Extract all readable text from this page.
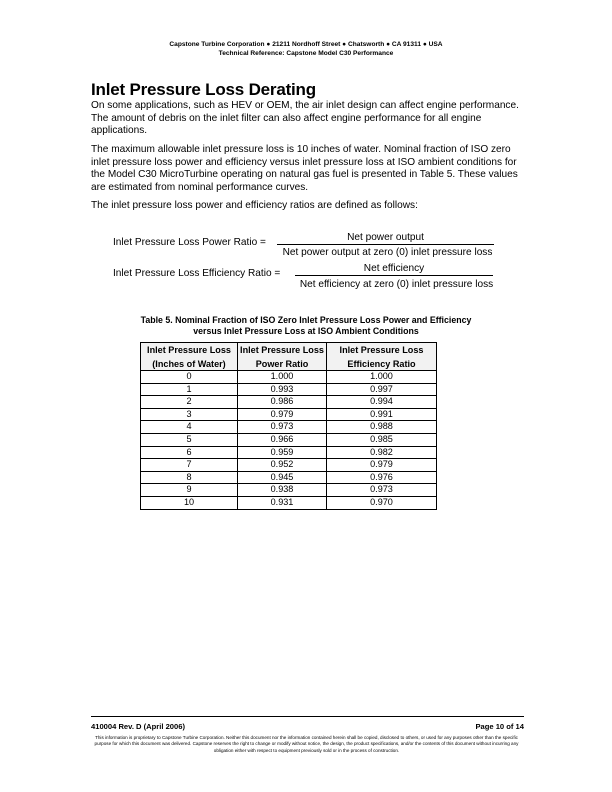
Capstone Turbine Corporation ● 21211 Nordhoff Street ● Chatsworth ● CA 91311 ● USA
Technical Reference: Capstone Model C30 Performance
Inlet Pressure Loss Derating

On some applications, such as HEV or OEM, the air inlet design can affect engine performance. The amount of debris on the inlet filter can also affect engine performance for all engine applications.

The maximum allowable inlet pressure loss is 10 inches of water. Nominal fraction of ISO zero inlet pressure loss power and efficiency versus inlet pressure loss at ISO ambient conditions for the Model C30 MicroTurbine operating on natural gas fuel is presented in Table 5. These values are estimated from nominal performance curves.

The inlet pressure loss power and efficiency ratios are defined as follows:

Inlet Pressure Loss Power Ratio =	Net power output
Net power output at zero (0) inlet pressure loss
Inlet Pressure Loss Efficiency Ratio =	Net efficiency
Net efficiency at zero (0) inlet pressure loss
Table 5. Nominal Fraction of ISO Zero Inlet Pressure Loss Power and Efficiency
versus Inlet Pressure Loss at ISO Ambient Conditions
Inlet Pressure Loss	Inlet Pressure Loss	Inlet Pressure Loss
(Inches of Water)	Power Ratio	Efficiency Ratio
0	1.000	1.000
1	0.993	0.997
2	0.986	0.994
3	0.979	0.991
4	0.973	0.988
5	0.966	0.985
6	0.959	0.982
7	0.952	0.979
8	0.945	0.976
9	0.938	0.973
10	0.931	0.970
410004 Rev. D (April 2006)	Page 10 of 14
This information is proprietary to Capstone Turbine Corporation. Neither this document nor the information contained herein shall be copied, disclosed to others, or used for any purposes other than the specific purpose for which this document was delivered. Capstone reserves the right to change or modify without notice, the design, the product specifications, and/or the contents of this document without incurring any obligation either with respect to equipment previously sold or in the process of construction.
